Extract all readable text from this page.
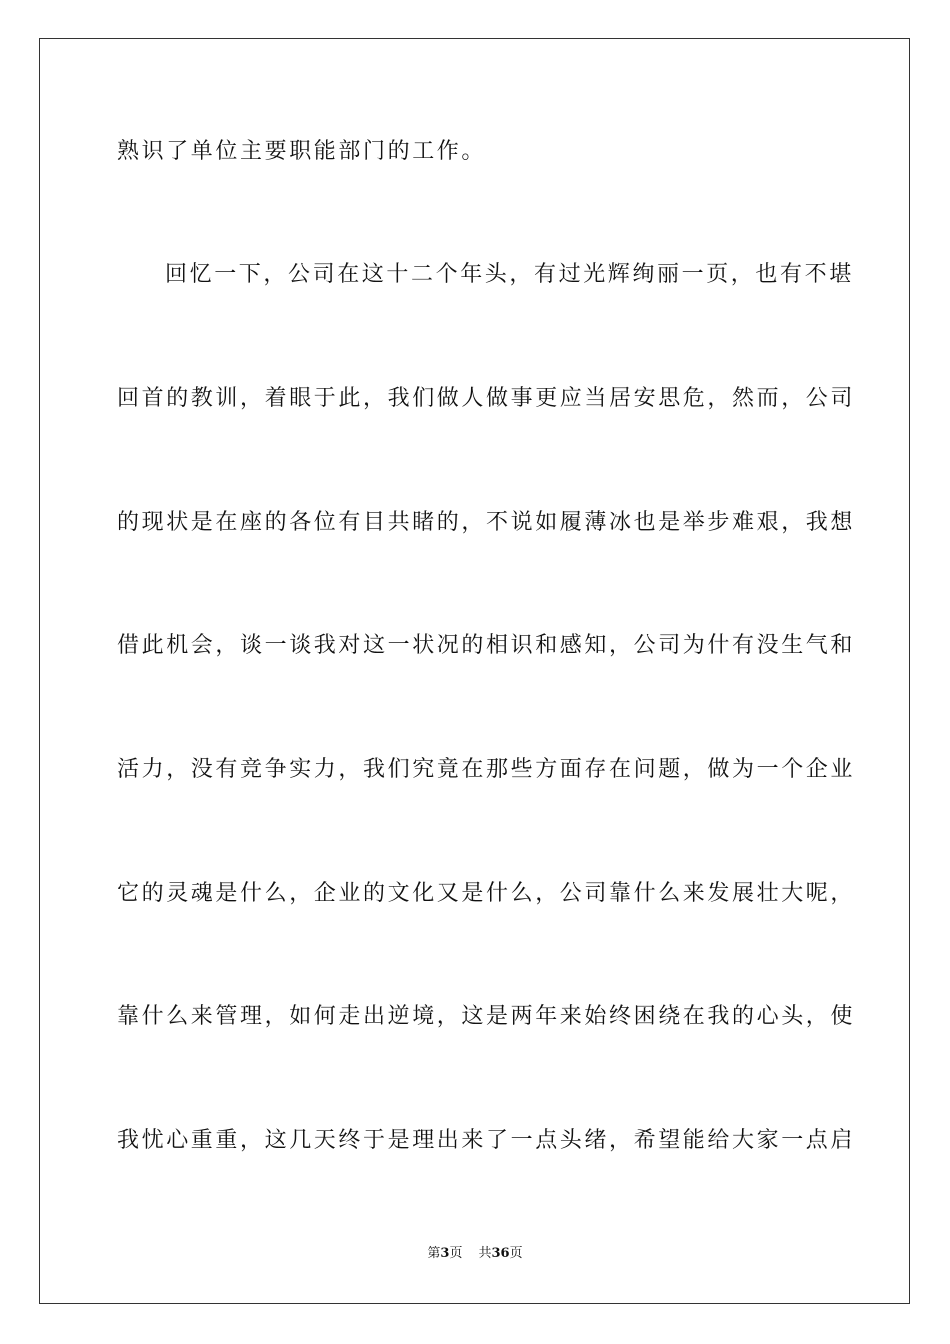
熟识了单位主要职能部门的工作。
回忆一下，公司在这十二个年头，有过光辉绚丽一页，也有不堪
回首的教训，着眼于此，我们做人做事更应当居安思危，然而，公司
的现状是在座的各位有目共睹的，不说如履薄冰也是举步难艰，我想
借此机会，谈一谈我对这一状况的相识和感知，公司为什有没生气和
活力，没有竞争实力，我们究竟在那些方面存在问题，做为一个企业
它的灵魂是什么，企业的文化又是什么，公司靠什么来发展壮大呢，
靠什么来管理，如何走出逆境，这是两年来始终困绕在我的心头，使
我忧心重重，这几天终于是理出来了一点头绪，希望能给大家一点启
第3页 共36页
